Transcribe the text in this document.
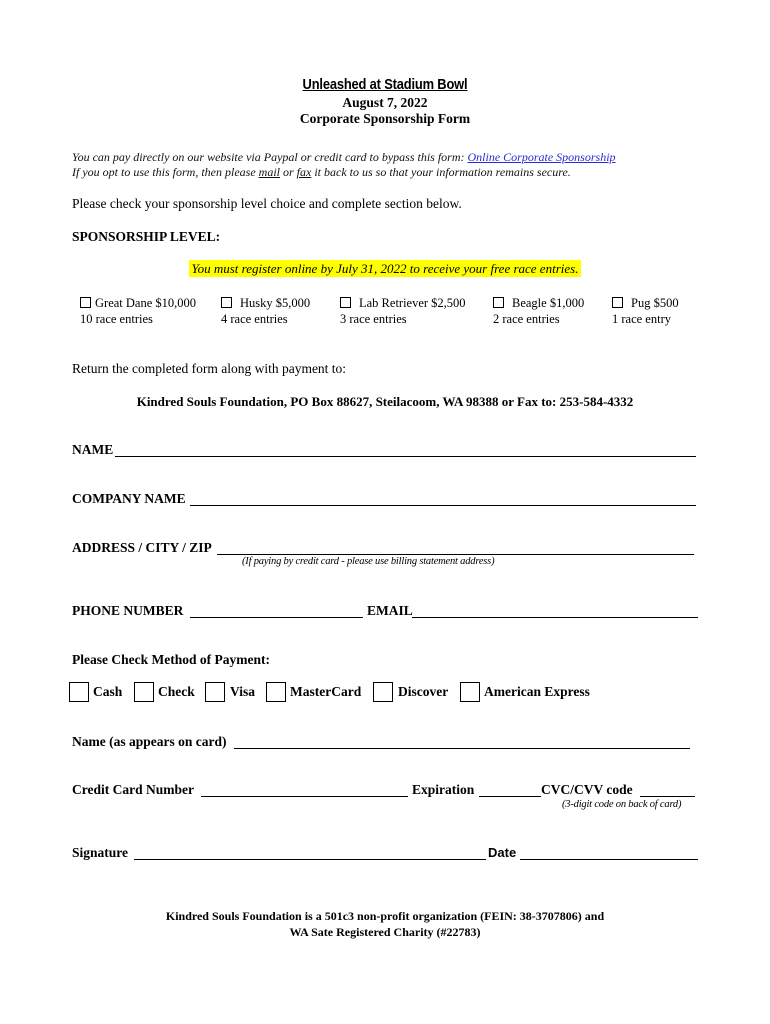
Unleashed at Stadium Bowl
August 7, 2022
Corporate Sponsorship Form
You can pay directly on our website via Paypal or credit card to bypass this form: Online Corporate Sponsorship
If you opt to use this form, then please mail or fax it back to us so that your information remains secure.
Please check your sponsorship level choice and complete section below.
SPONSORSHIP LEVEL:
You must register online by July 31, 2022 to receive your free race entries.
Great Dane $10,000
10 race entries
Husky $5,000
4 race entries
Lab Retriever $2,500
3 race entries
Beagle $1,000
2 race entries
Pug $500
1 race entry
Return the completed form along with payment to:
Kindred Souls Foundation, PO Box 88627, Steilacoom, WA 98388 or Fax to: 253-584-4332
NAME
COMPANY NAME
ADDRESS / CITY / ZIP
(If paying by credit card - please use billing statement address)
PHONE NUMBER	EMAIL
Please Check Method of Payment:
Cash	Check	Visa	MasterCard	Discover	American Express
Name (as appears on card)
Credit Card Number	Expiration	CVC/CVV code
(3-digit code on back of card)
Signature	Date
Kindred Souls Foundation is a 501c3 non-profit organization (FEIN: 38-3707806) and
WA Sate Registered Charity (#22783)
